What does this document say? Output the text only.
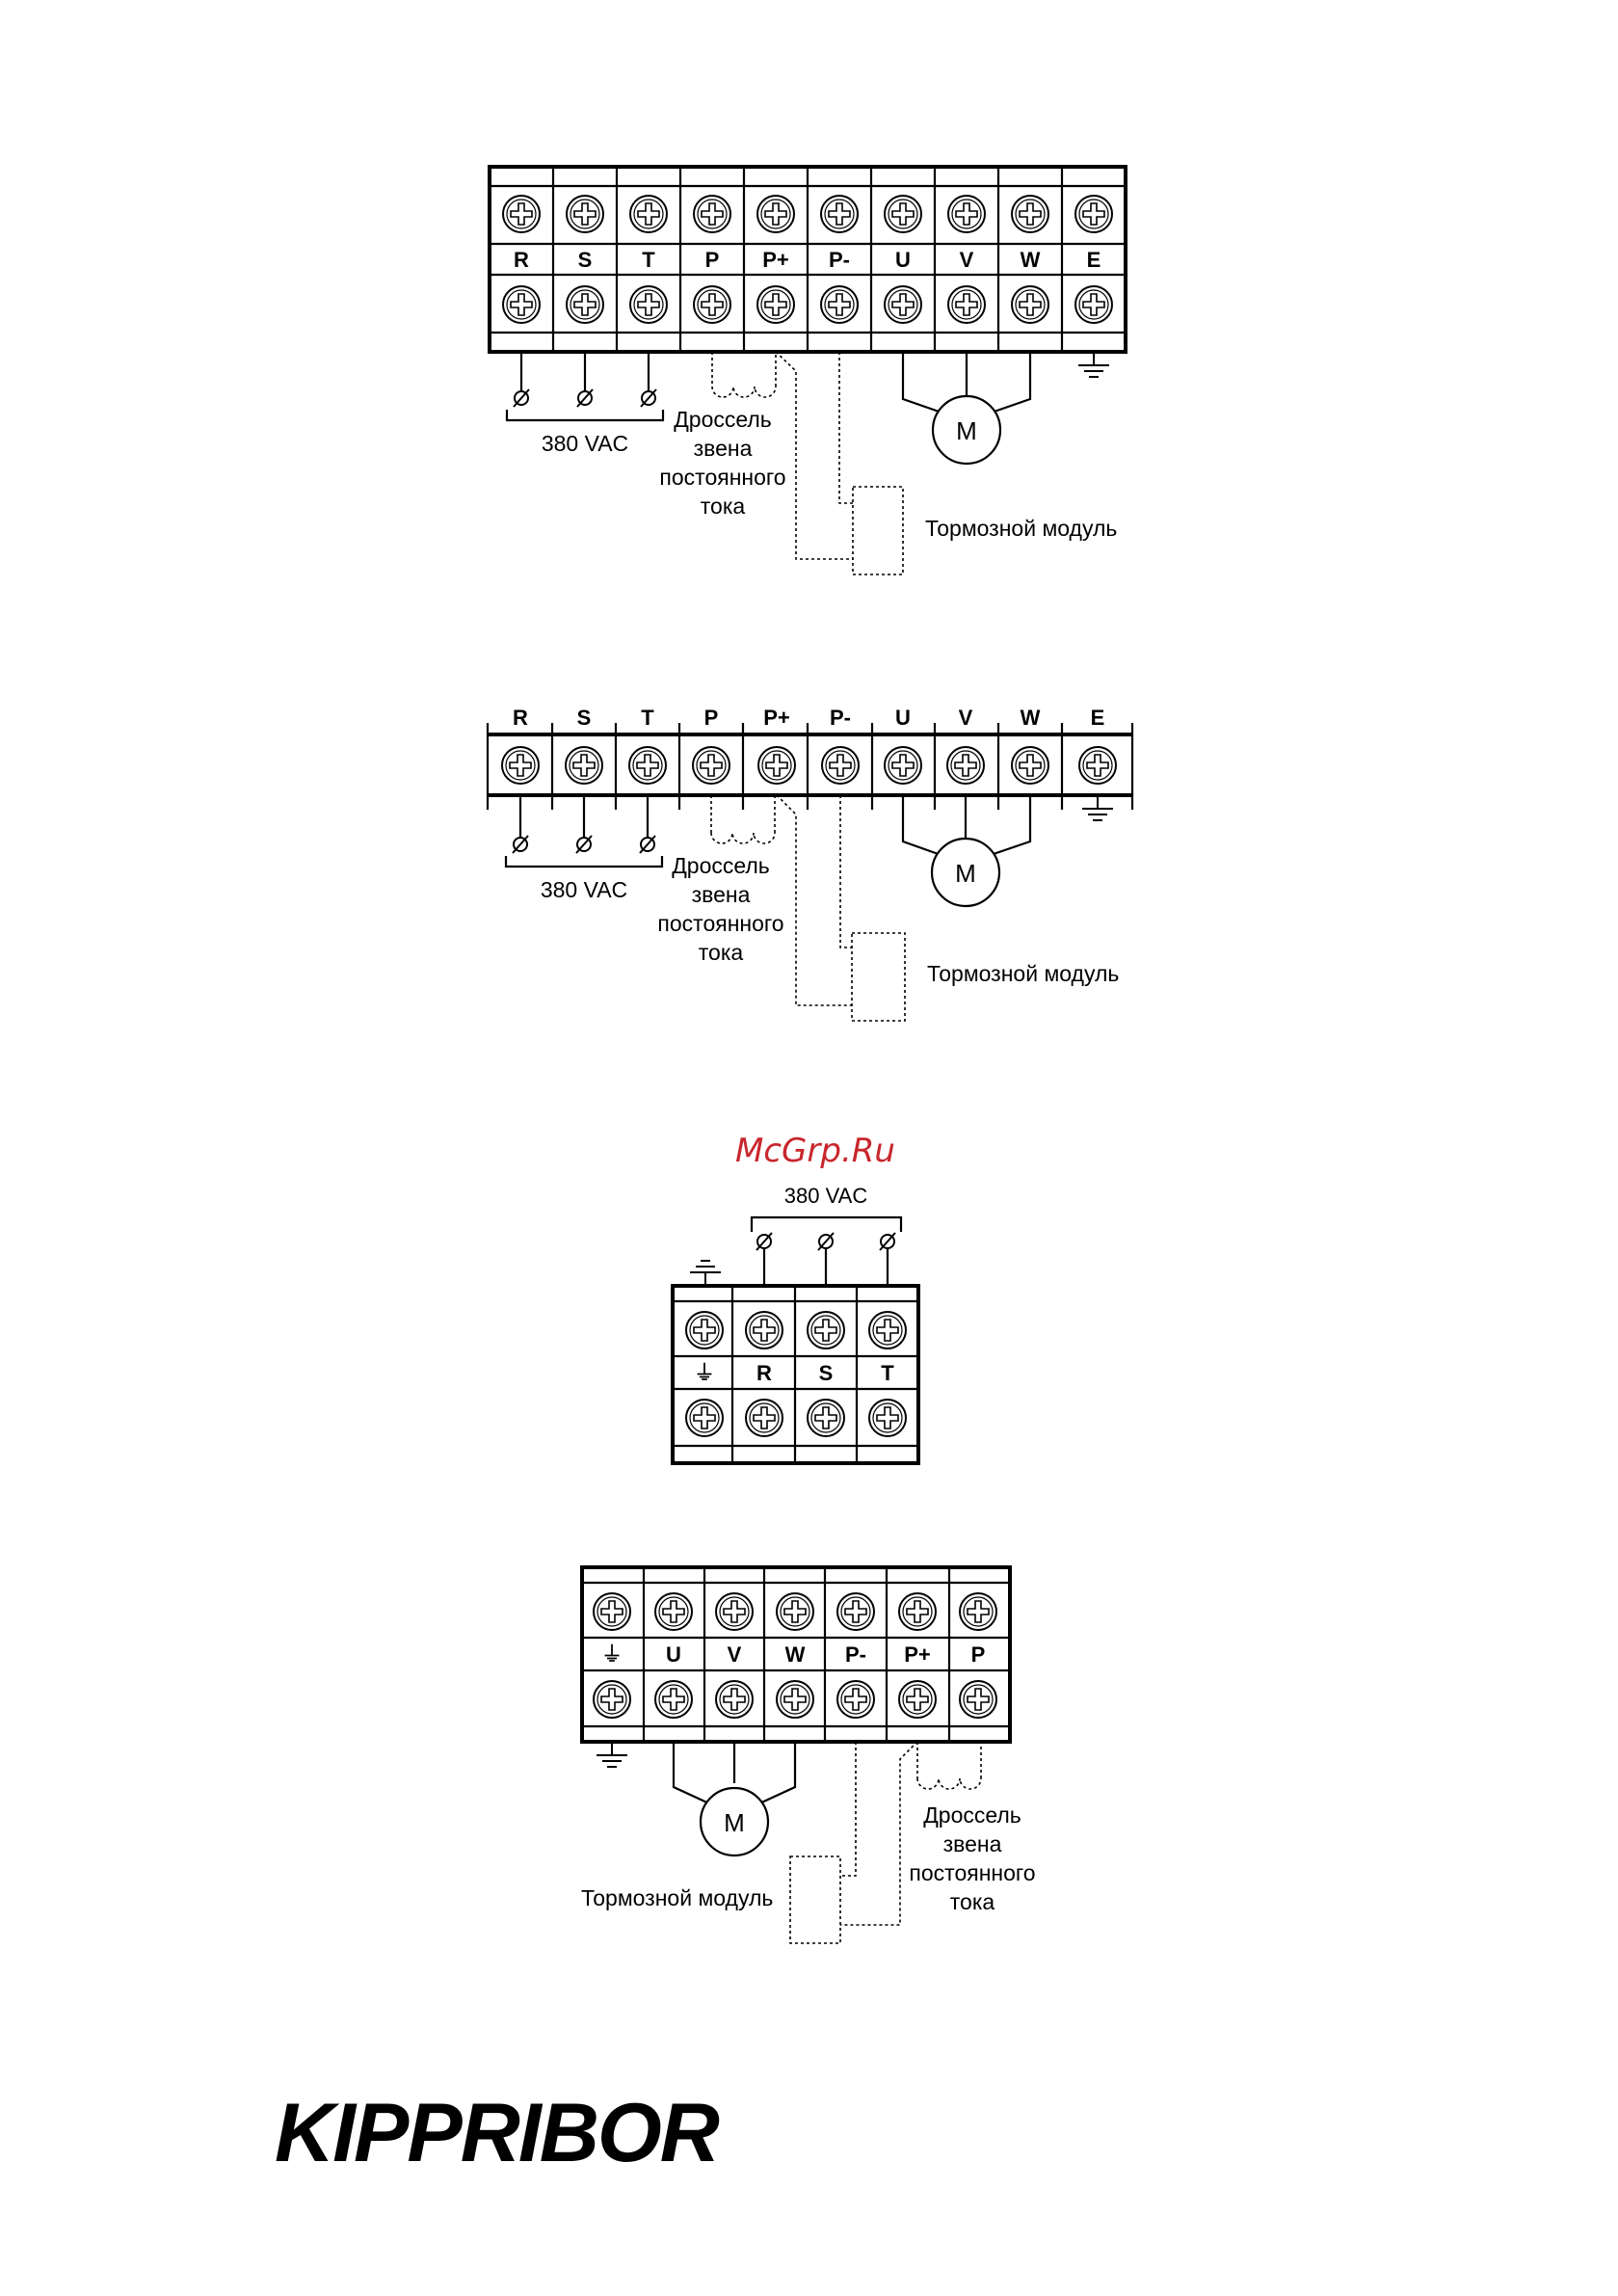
R S T P P+ P- U V W E
380 VAC
Дроссель
звена
постоянного
тока
Тормозной модуль
M
R S T P P+ P- U V W E
380 VAC
Дроссель
звена
постоянного
тока
Тормозной модуль
M
McGrp.Ru
380 VAC
⏚ R S T
⏚ U V W P- P+ P
M
Тормозной модуль
Дроссель
звена
постоянного
тока
KIPPRIBOR
